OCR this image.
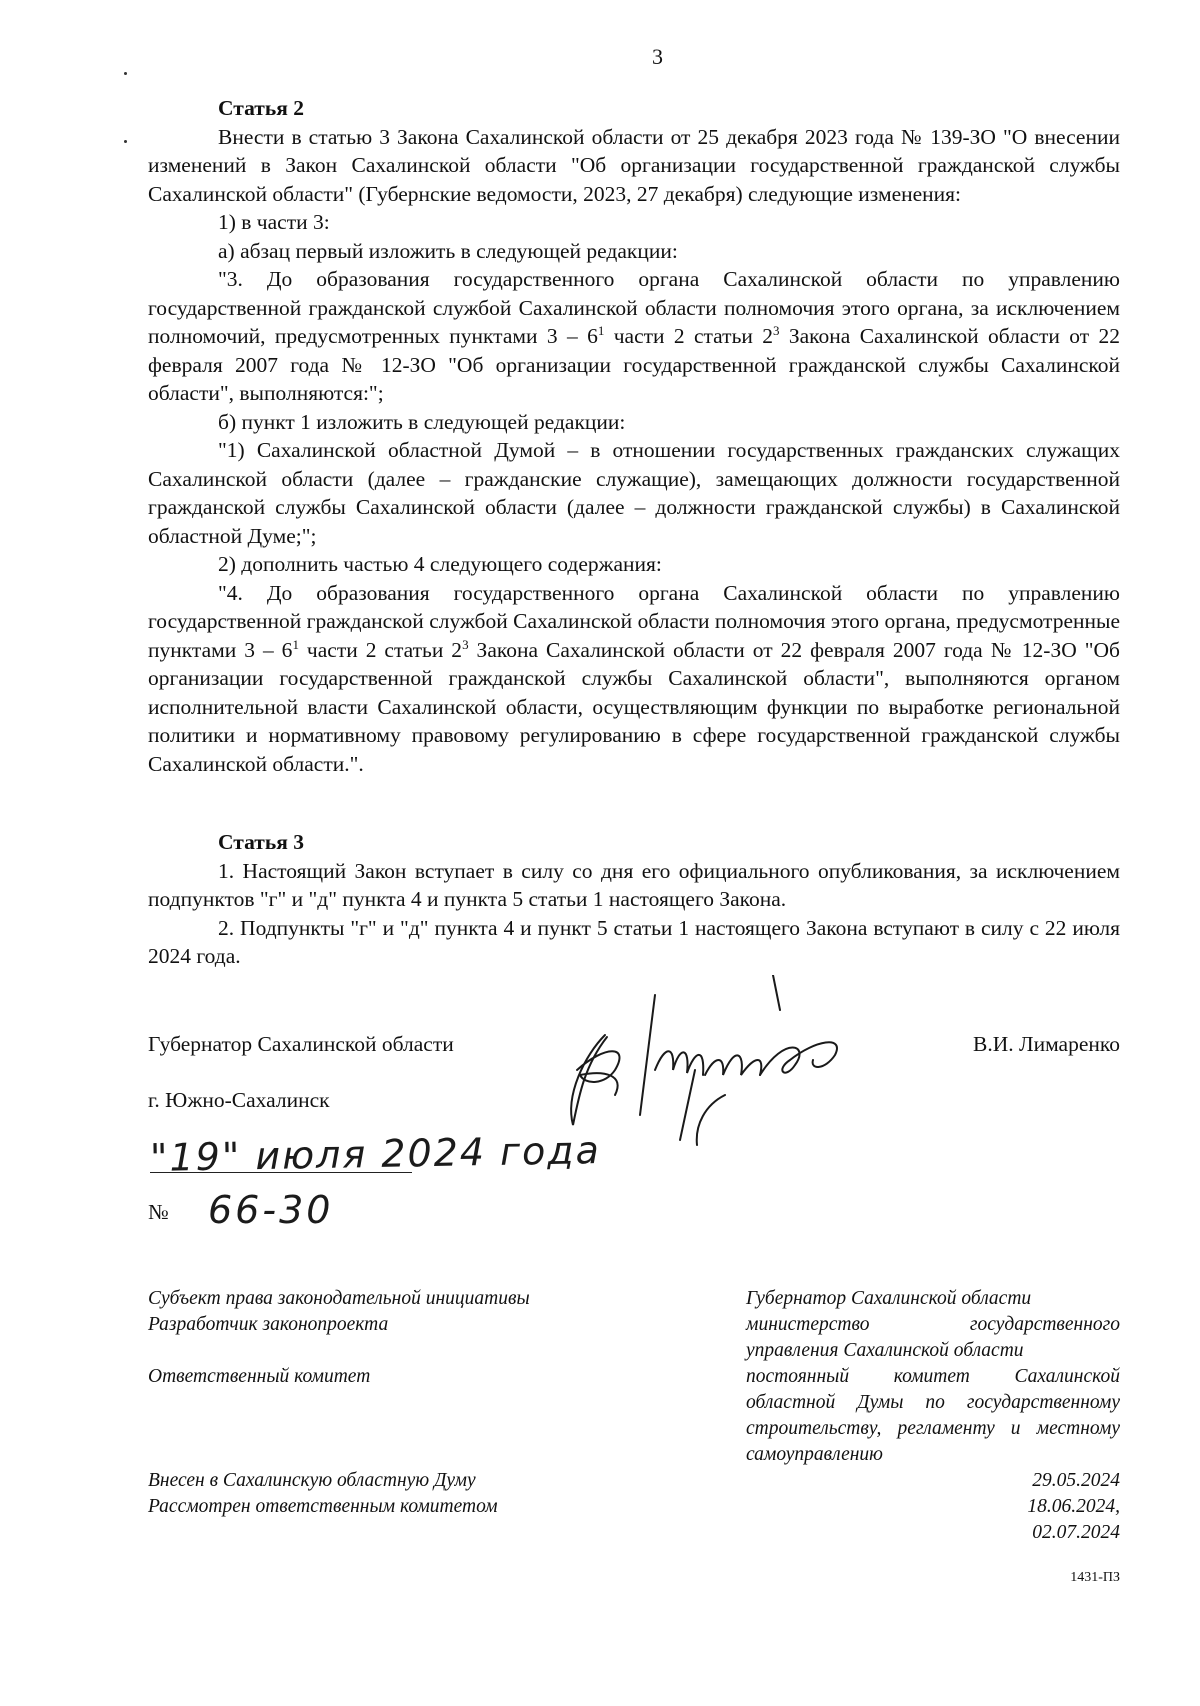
3
Статья 2

Внести в статью 3 Закона Сахалинской области от 25 декабря 2023 года № 139-ЗО "О внесении изменений в Закон Сахалинской области "Об организации государственной гражданской службы Сахалинской области" (Губернские ведомости, 2023, 27 декабря) следующие изменения:

1) в части 3:

а) абзац первый изложить в следующей редакции:

"3. До образования государственного органа Сахалинской области по управлению государственной гражданской службой Сахалинской области полномочия этого органа, за исключением полномочий, предусмотренных пунктами $3 - 6^1$ части 2 статьи $2^3$ Закона Сахалинской области от 22 февраля 2007 года № 12-ЗО "Об организации государственной гражданской службы Сахалинской области", выполняются:";

б) пункт 1 изложить в следующей редакции:

"1) Сахалинской областной Думой – в отношении государственных гражданских служащих Сахалинской области (далее – гражданские служащие), замещающих должности государственной гражданской службы Сахалинской области (далее – должности гражданской службы) в Сахалинской областной Думе;";

2) дополнить частью 4 следующего содержания:

"4. До образования государственного органа Сахалинской области по управлению государственной гражданской службой Сахалинской области полномочия этого органа, предусмотренные пунктами $3 - 6^1$ части 2 статьи $2^3$ Закона Сахалинской области от 22 февраля 2007 года № 12-ЗО "Об организации государственной гражданской службы Сахалинской области", выполняются органом исполнительной власти Сахалинской области, осуществляющим функции по выработке региональной политики и нормативному правовому регулированию в сфере государственной гражданской службы Сахалинской области.".

Статья 3

1. Настоящий Закон вступает в силу со дня его официального опубликования, за исключением подпунктов "г" и "д" пункта 4 и пункта 5 статьи 1 настоящего Закона.

2. Подпункты "г" и "д" пункта 4 и пункт 5 статьи 1 настоящего Закона вступают в силу с 22 июля 2024 года.

Губернатор Сахалинской области	В.И. Лимаренко
г. Южно-Сахалинск
"19" июля 2024 года
№ 66-30
Субъект права законодательной инициативы
Разработчик законопроекта
Ответственный комитет
Внесен в Сахалинскую областную Думу
Рассмотрен ответственным комитетом
Губернатор Сахалинской области
министерство государственного управления Сахалинской области
постоянный комитет Сахалинской областной Думы по государственному строительству, регламенту и местному самоуправлению
29.05.2024
18.06.2024,
02.07.2024
1431-ПЗ
